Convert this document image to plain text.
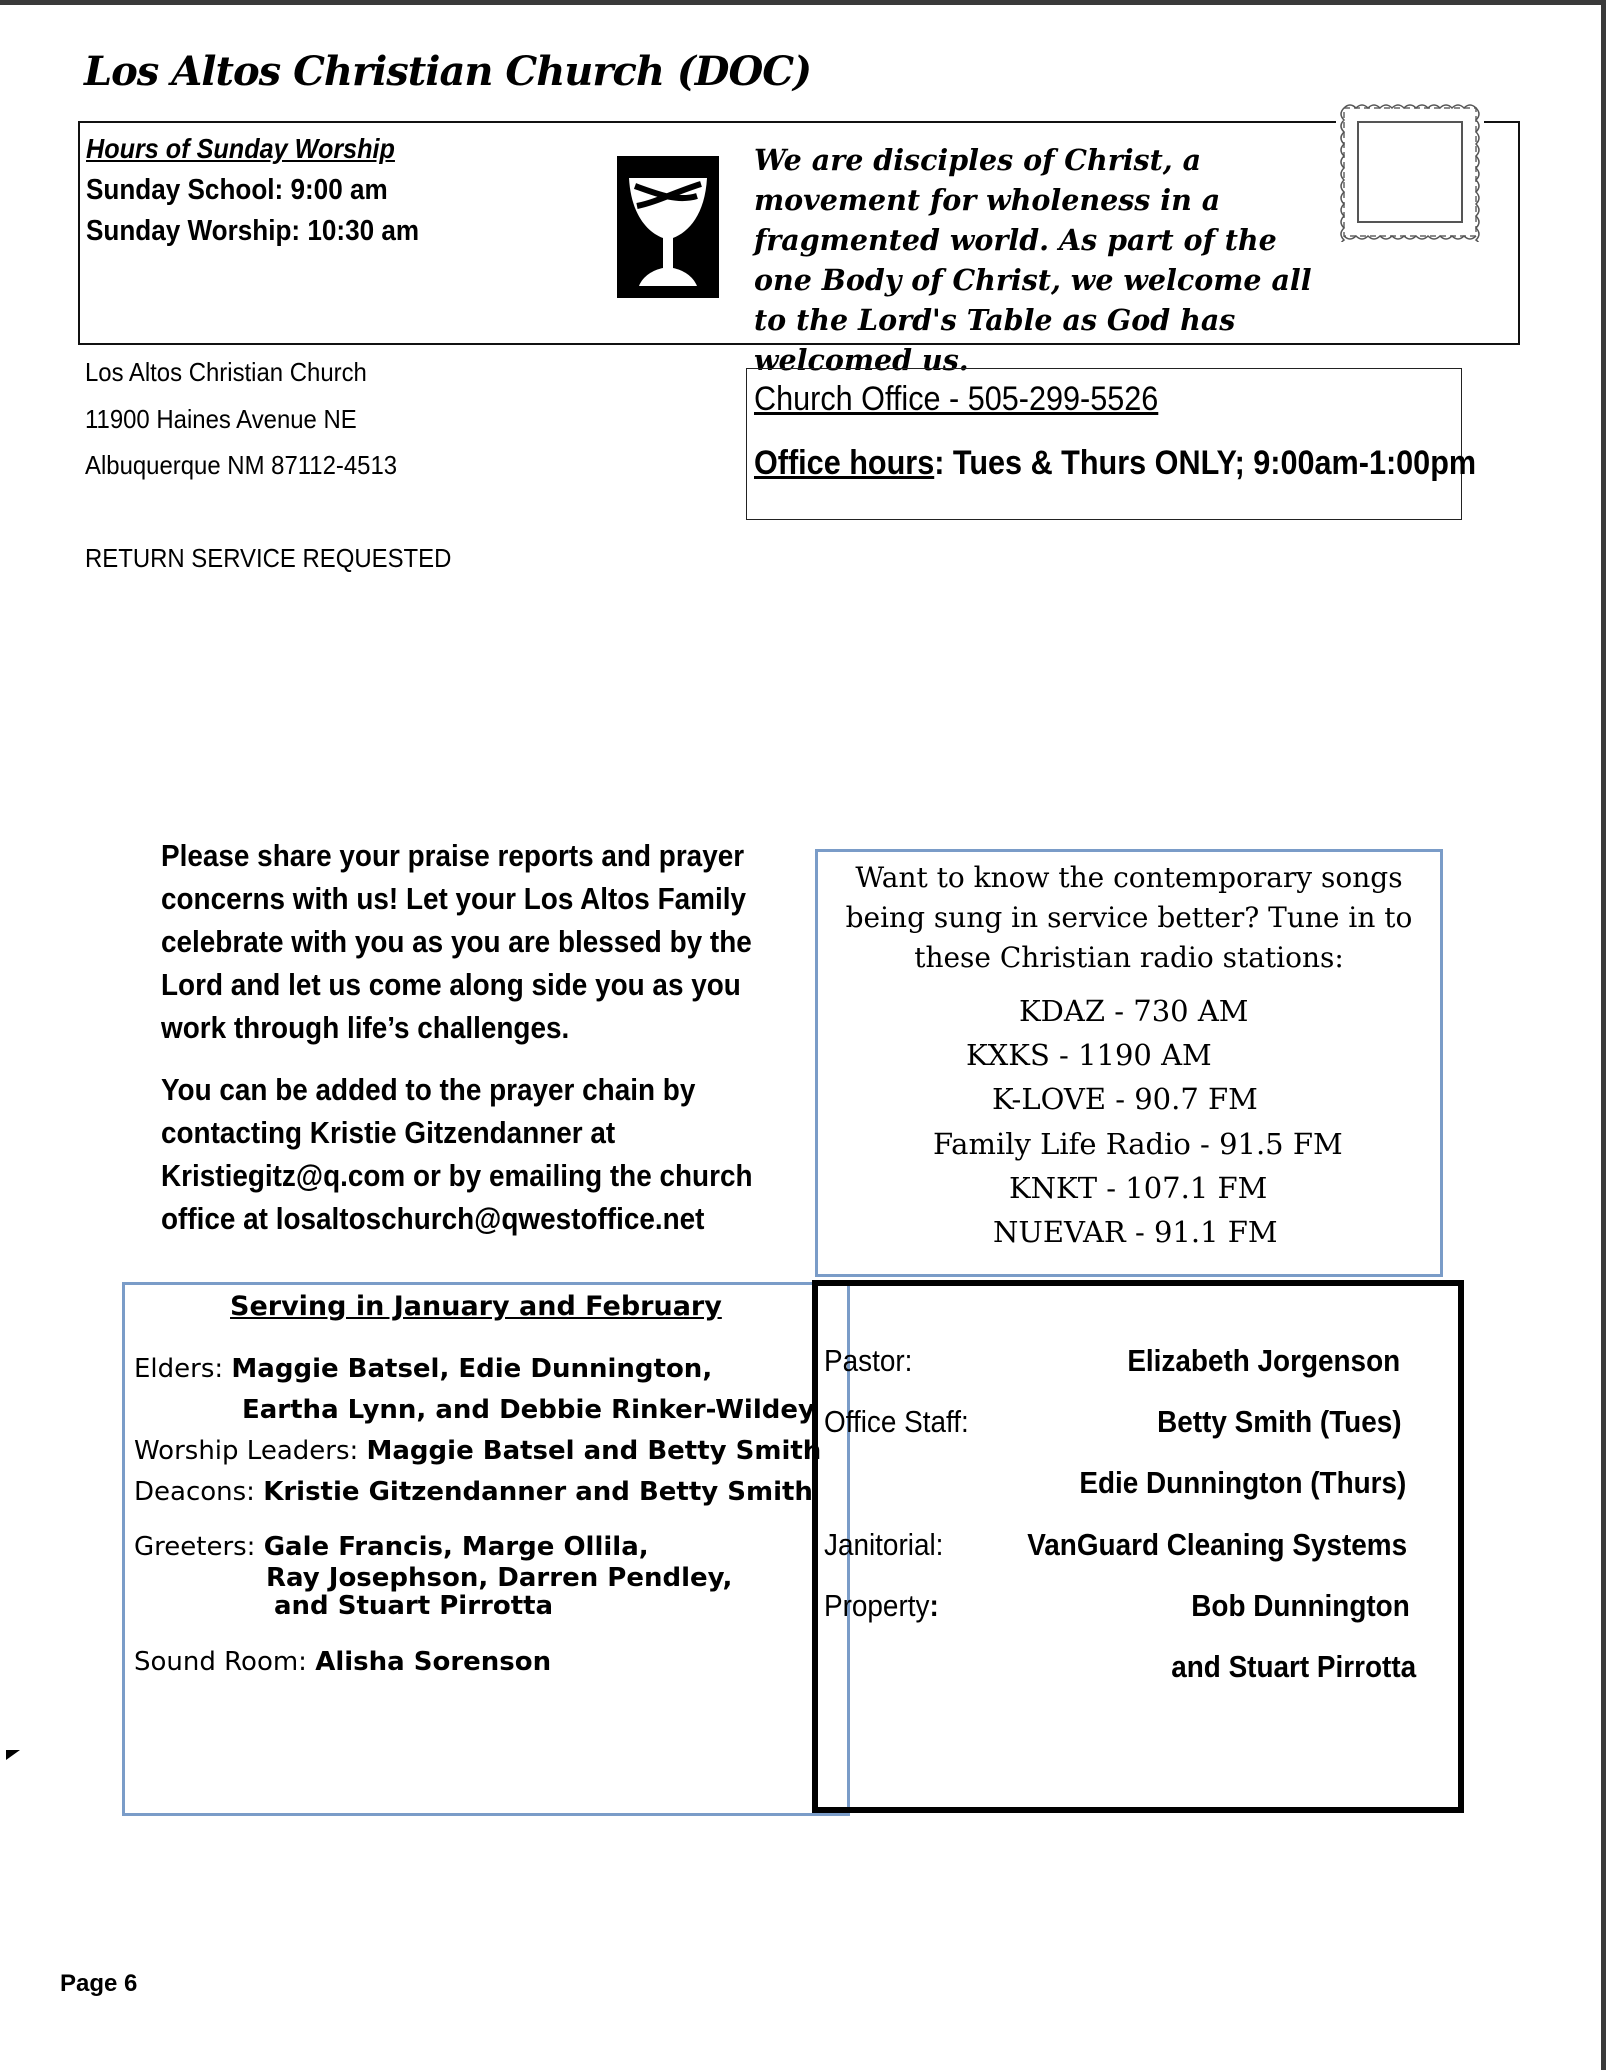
Los Altos Christian Church (DOC)
Hours of Sunday Worship
Sunday School: 9:00 am
Sunday Worship: 10:30 am
We are disciples of Christ, a movement for wholeness in a fragmented world. As part of the one Body of Christ, we welcome all to the Lord's Table as God has welcomed us.
Los Altos Christian Church
11900 Haines Avenue NE
Albuquerque NM 87112-4513
RETURN SERVICE REQUESTED
Church Office - 505-299-5526
Office hours: Tues & Thurs ONLY; 9:00am-1:00pm
Please share your praise reports and prayer concerns with us! Let your Los Altos Family celebrate with you as you are blessed by the Lord and let us come along side you as you work through life’s challenges.
You can be added to the prayer chain by contacting Kristie Gitzendanner at Kristiegitz@q.com or by emailing the church office at losaltoschurch@qwestoffice.net
Want to know the contemporary songs being sung in service better? Tune in to these Christian radio stations:
KDAZ - 730 AM
KXKS - 1190 AM
K-LOVE - 90.7 FM
Family Life Radio - 91.5 FM
KNKT - 107.1 FM
NUEVAR - 91.1 FM
Serving in January and February
Elders: Maggie Batsel, Edie Dunnington,
Eartha Lynn, and Debbie Rinker-Wildey
Worship Leaders: Maggie Batsel and Betty Smith
Deacons: Kristie Gitzendanner and Betty Smith
Greeters: Gale Francis, Marge Ollila,
Ray Josephson, Darren Pendley,
and Stuart Pirrotta
Sound Room: Alisha Sorenson
Pastor:	Elizabeth Jorgenson
Office Staff:	Betty Smith (Tues)
Edie Dunnington (Thurs)
Janitorial:	VanGuard Cleaning Systems
Property:	Bob Dunnington
and Stuart Pirrotta
Page 6
